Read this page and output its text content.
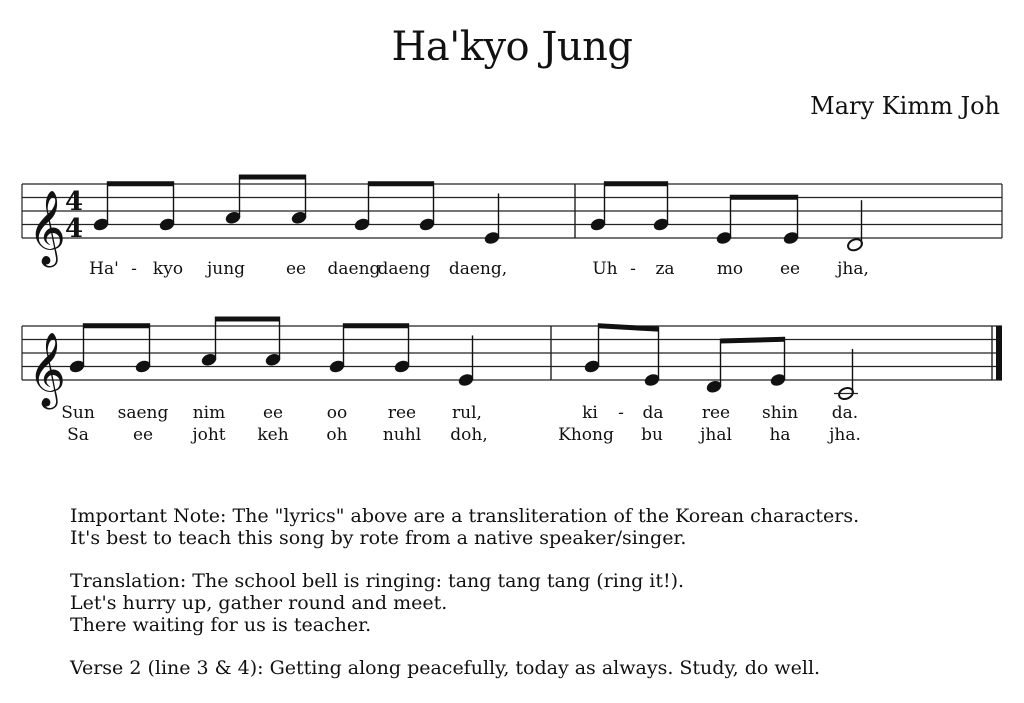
Ha'kyo Jung
Mary Kimm Joh
𝄞 4
4
Ha' - kyo jung ee daeng
daeng daeng,	Uh - za mo ee jha,
𝄞
Sun saeng nim ee	oo ree rul,	ki - da ree shin da.
Sa	ee joht keh oh nuhl doh,	Khong bu jhal ha jha.

Important Note: The "lyrics" above are a transliteration of the Korean characters.

It's best to teach this song by rote from a native speaker/singer.

Translation: The school bell is ringing: tang tang tang (ring it!).

Let's hurry up, gather round and meet.

There waiting for us is teacher.

Verse 2 (line 3 & 4): Getting along peacefully, today as always. Study, do well.
